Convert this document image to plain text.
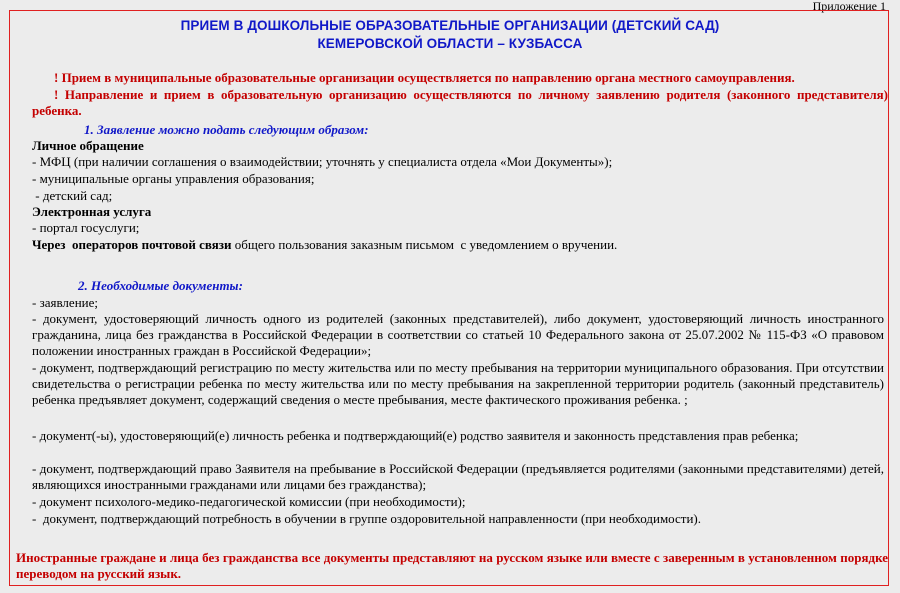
Приложение 1
ПРИЕМ В ДОШКОЛЬНЫЕ ОБРАЗОВАТЕЛЬНЫЕ ОРГАНИЗАЦИИ (ДЕТСКИЙ САД)
КЕМЕРОВСКОЙ ОБЛАСТИ – КУЗБАССА
! Прием в муниципальные образовательные организации осуществляется по направлению органа местного самоуправления.
! Направление и прием в образовательную организацию осуществляются по личному заявлению родителя (законного представителя) ребенка.
1. Заявление можно подать следующим образом:
Личное обращение
- МФЦ (при наличии соглашения о взаимодействии; уточнять у специалиста отдела «Мои Документы»);
- муниципальные органы управления образования;
- детский сад;
Электронная услуга
- портал госуслуги;
Через  операторов почтовой связи общего пользования заказным письмом  с уведомлением о вручении.
2. Необходимые документы:
- заявление;
- документ, удостоверяющий личность одного из родителей (законных представителей), либо документ, удостоверяющий личность иностранного гражданина, лица без гражданства в Российской Федерации в соответствии со статьей 10 Федерального закона от 25.07.2002 № 115-ФЗ «О правовом положении иностранных граждан в Российской Федерации»;
- документ, подтверждающий регистрацию по месту жительства или по месту пребывания на территории муниципального образования. При отсутствии свидетельства о регистрации ребенка по месту жительства или по месту пребывания на закрепленной территории родитель (законный представитель) ребенка предъявляет документ, содержащий сведения о месте пребывания, месте фактического проживания ребенка. ;
- документ(-ы), удостоверяющий(е) личность ребенка и подтверждающий(е) родство заявителя и законность представления прав ребенка;
- документ, подтверждающий право Заявителя на пребывание в Российской Федерации (предъявляется родителями (законными представителями) детей, являющихся иностранными гражданами или лицами без гражданства);
- документ психолого-медико-педагогической комиссии (при необходимости);
-  документ, подтверждающий потребность в обучении в группе оздоровительной направленности (при необходимости).
Иностранные граждане и лица без гражданства все документы представляют на русском языке или вместе с заверенным в установленном порядке переводом на русский язык.
